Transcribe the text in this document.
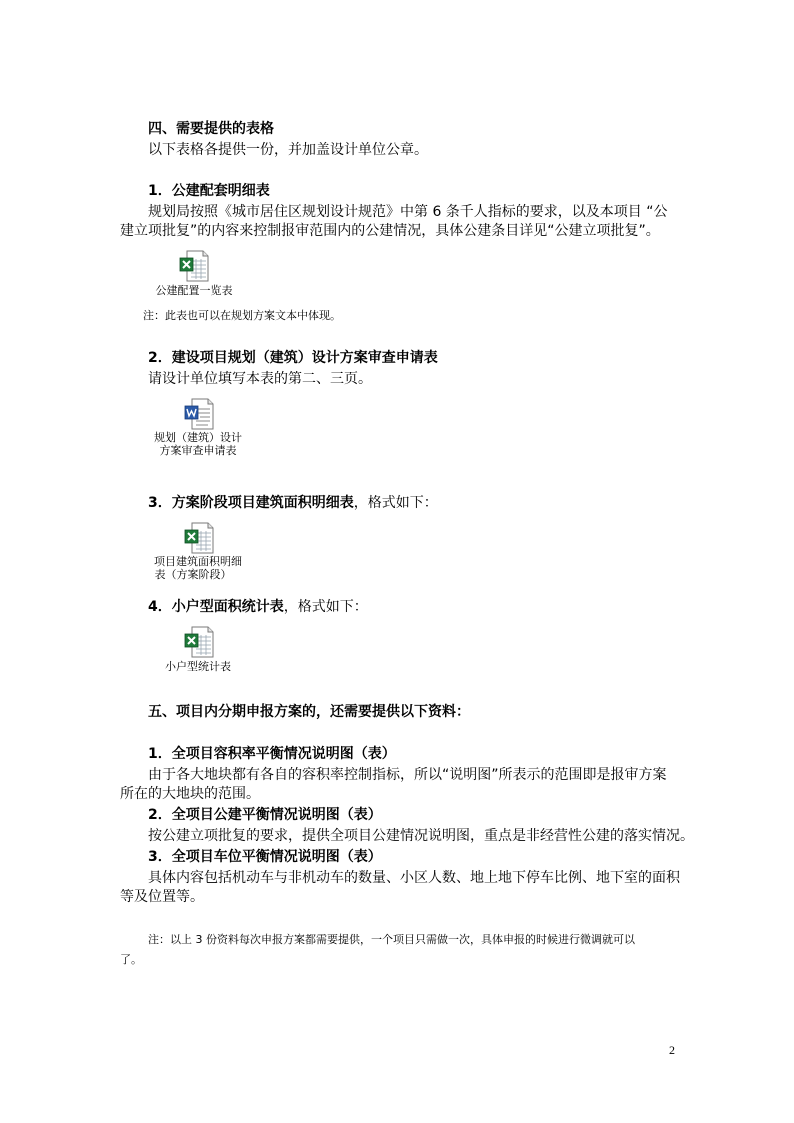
四、需要提供的表格
以下表格各提供一份，并加盖设计单位公章。
1．公建配套明细表
规划局按照《城市居住区规划设计规范》中第 6 条千人指标的要求，以及本项目 “公
建立项批复”的内容来控制报审范围内的公建情况，具体公建条目详见“公建立项批复”。
公建配置一览表
注：此表也可以在规划方案文本中体现。
2．建设项目规划（建筑）设计方案审查申请表
请设计单位填写本表的第二、三页。
规划（建筑）设计
方案审查申请表
3．方案阶段项目建筑面积明细表，格式如下：
项目建筑面积明细
表（方案阶段）
4．小户型面积统计表，格式如下：
小户型统计表
五、项目内分期申报方案的，还需要提供以下资料：
1．全项目容积率平衡情况说明图（表）
由于各大地块都有各自的容积率控制指标，所以“说明图”所表示的范围即是报审方案
所在的大地块的范围。
2．全项目公建平衡情况说明图（表）
按公建立项批复的要求，提供全项目公建情况说明图，重点是非经营性公建的落实情况。
3．全项目车位平衡情况说明图（表）
具体内容包括机动车与非机动车的数量、小区人数、地上地下停车比例、地下室的面积
等及位置等。
注：以上 3 份资料每次申报方案都需要提供，一个项目只需做一次，具体申报的时候进行微调就可以
了。
2
